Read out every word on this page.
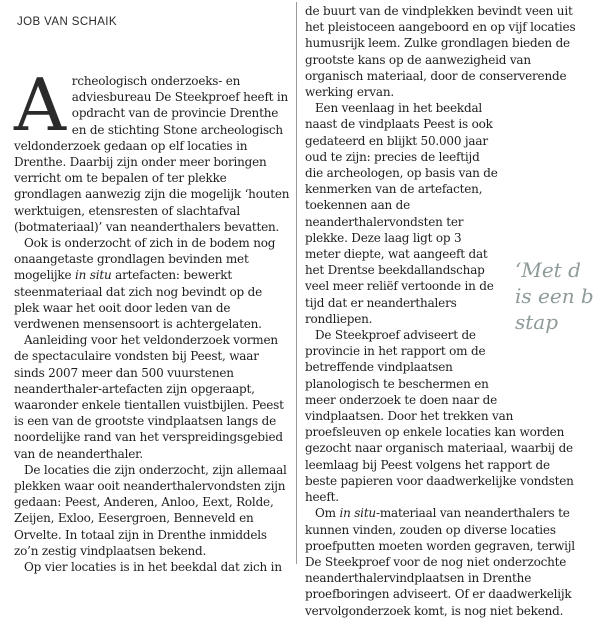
JOB VAN SCHAIK
A rcheologisch onderzoeks- en adviesbureau De Steekproef heeft in opdracht van de provincie Drenthe en de stichting Stone archeologisch veldonderzoek gedaan op elf locaties in Drenthe. Daarbij zijn onder meer boringen verricht om te bepalen of ter plekke grondlagen aanwezig zijn die mogelijk ‘houten werktuigen, etensresten of slachtafval (botmateriaal)’ van neanderthalers bevatten.

Ook is onderzocht of zich in de bodem nog onaangetaste grondlagen bevinden met mogelijke in situ artefacten: bewerkt steenmateriaal dat zich nog bevindt op de plek waar het ooit door leden van de verdwenen mensensoort is achtergelaten.

Aanleiding voor het veldonderzoek vormen de spectaculaire vondsten bij Peest, waar sinds 2007 meer dan 500 vuurstenen neanderthaler-artefacten zijn opgeraapt, waaronder enkele tientallen vuistbijlen. Peest is een van de grootste vindplaatsen langs de noordelijke rand van het verspreidingsgebied van de neanderthaler.

De locaties die zijn onderzocht, zijn allemaal plekken waar ooit neanderthalervondsten zijn gedaan: Peest, Anderen, Anloo, Eext, Rolde, Zeijen, Exloo, Eesergroen, Benneveld en Orvelte. In totaal zijn in Drenthe inmiddels zo’n zestig vindplaatsen bekend.

Op vier locaties is in het beekdal dat zich in

de buurt van de vindplekken bevindt veen uit het pleistoceen aangeboord en op vijf locaties humusrijk leem. Zulke grondlagen bieden de grootste kans op de aanwezigheid van organisch materiaal, door de conserverende werking ervan.

Een veenlaag in het beekdal naast de vindplaats Peest is ook gedateerd en blijkt 50.000 jaar oud te zijn: precies de leeftijd die archeologen, op basis van de kenmerken van de artefacten, toekennen aan de neanderthalervondsten ter plekke. Deze laag ligt op 3 meter diepte, wat aangeeft dat het Drentse beekdallandschap veel meer reliëf vertoonde in de tijd dat er neanderthalers rondliepen.

De Steekproef adviseert de provincie in het rapport om de betreffende vindplaatsen planologisch te beschermen en meer onderzoek te doen naar de vindplaatsen. Door het trekken van proefsleuven op enkele locaties kan worden gezocht naar organisch materiaal, waarbij de leemlaag bij Peest volgens het rapport de beste papieren voor daadwerkelijke vondsten heeft.

Om in situ-materiaal van neanderthalers te kunnen vinden, zouden op diverse locaties proefputten moeten worden gegraven, terwijl De Steekproef voor de nog niet onderzochte neanderthalervindplaatsen in Drenthe proefboringen adviseert. Of er daadwerkelijk vervolgonderzoek komt, is nog niet bekend.

‘Met d
is een b
stap
